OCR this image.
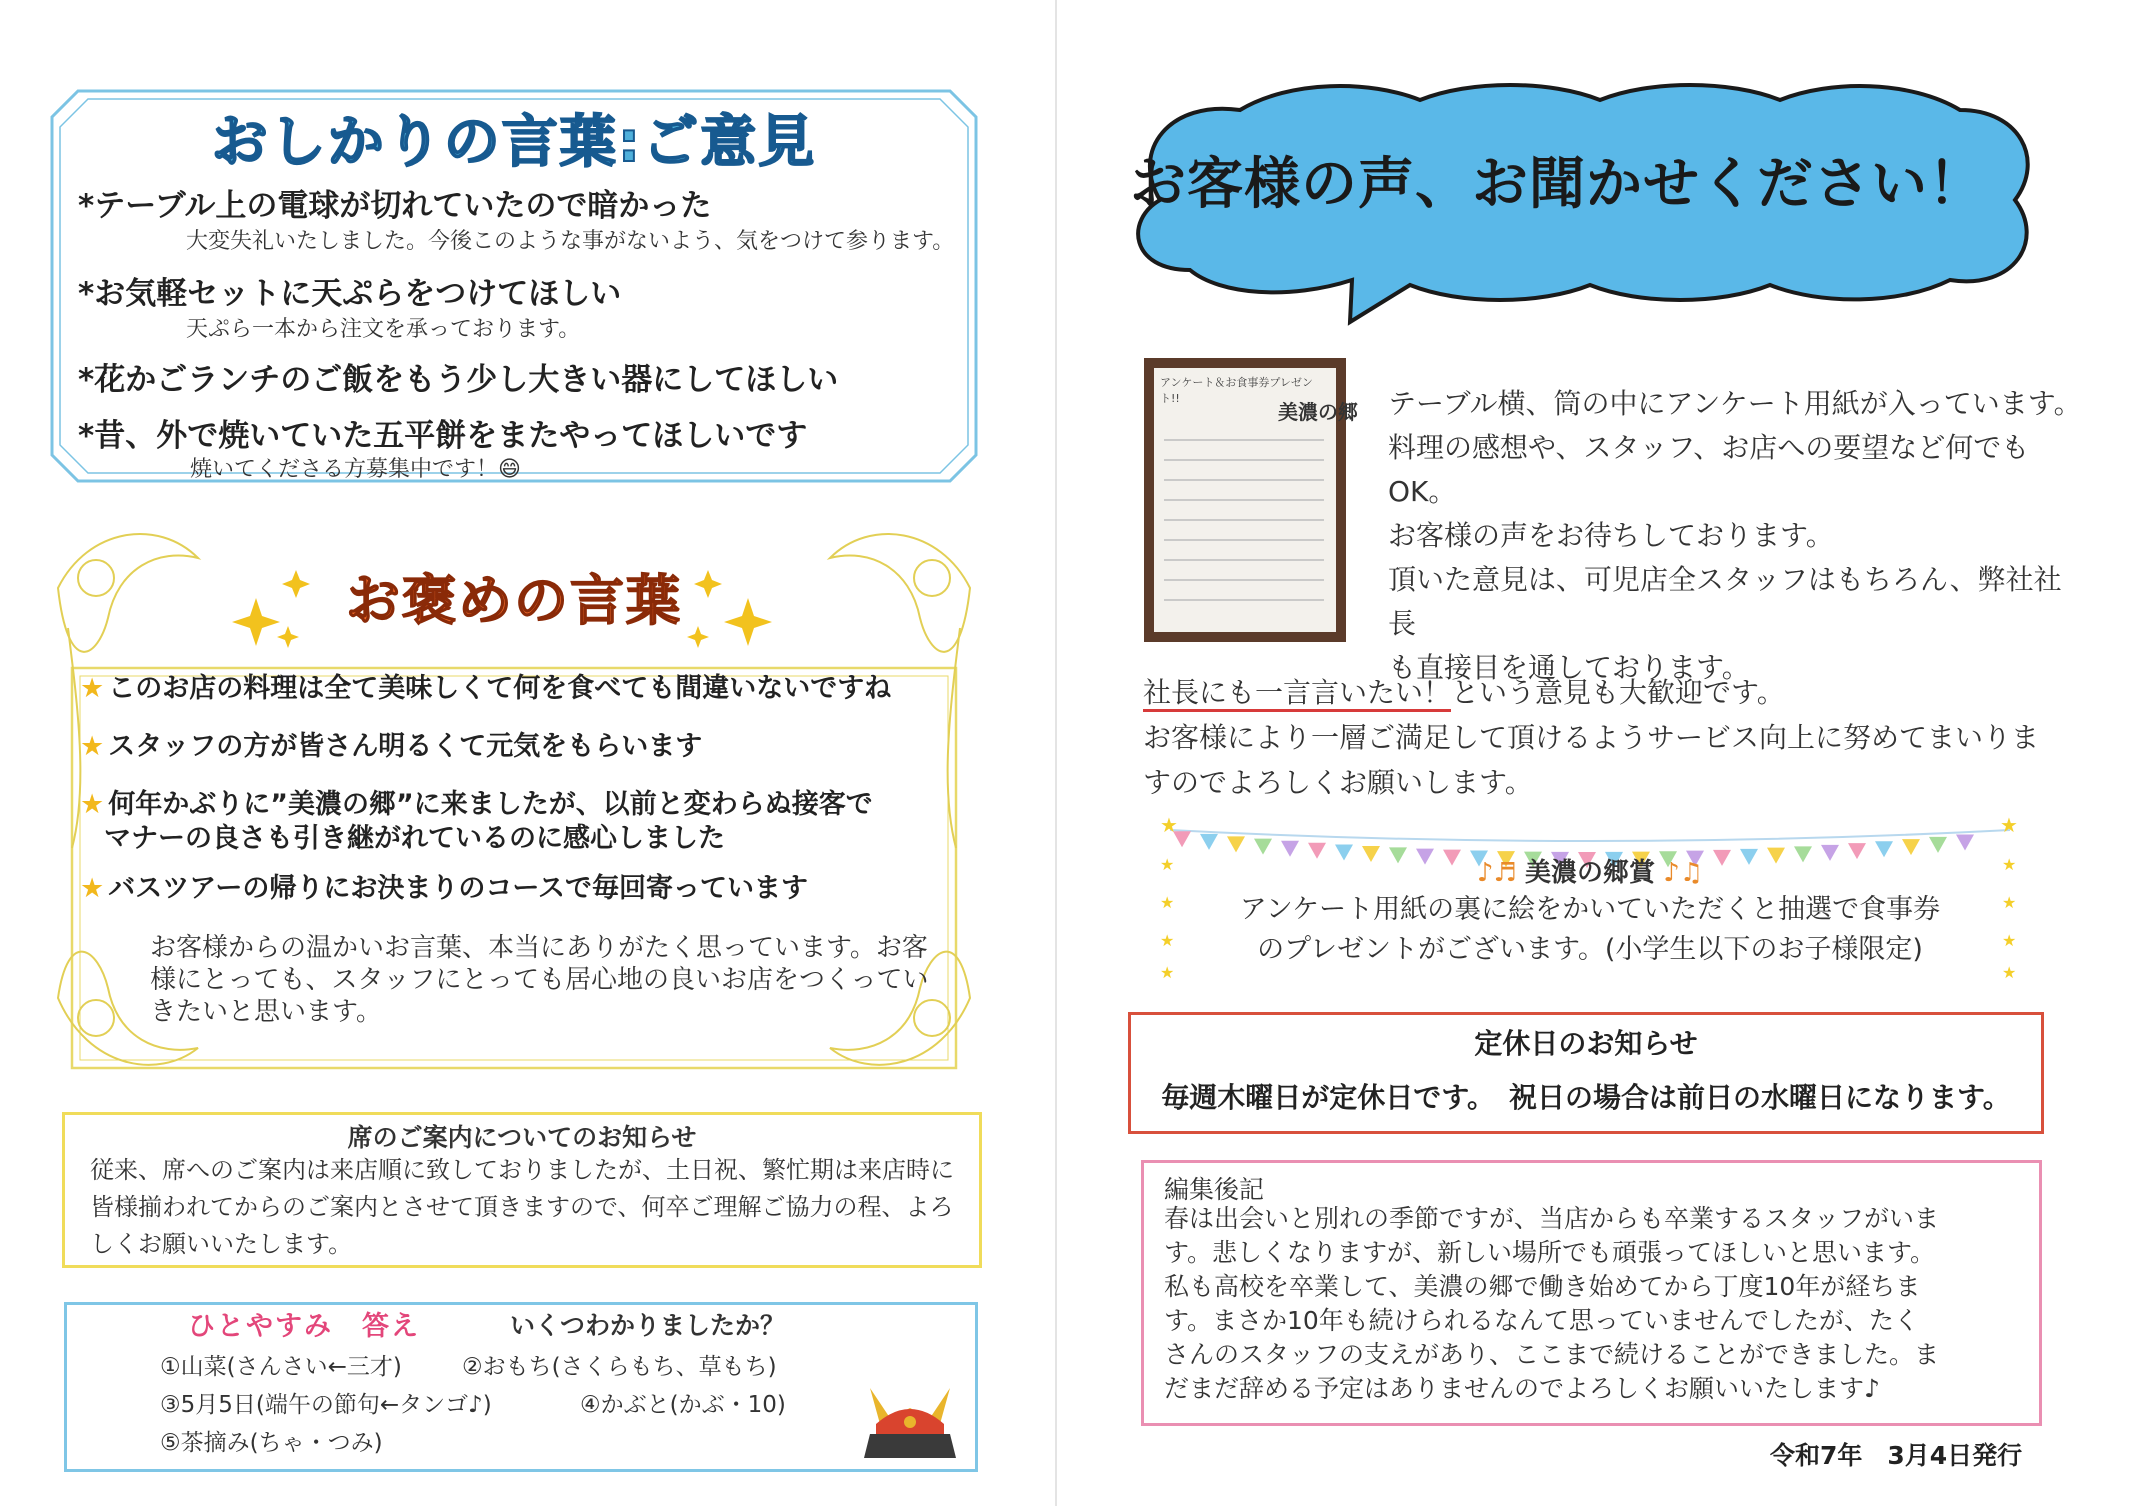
おしかりの言葉:ご意見
*テーブル上の電球が切れていたので暗かった
大変失礼いたしました。今後このような事がないよう、気をつけて参ります。
*お気軽セットに天ぷらをつけてほしい
天ぷら一本から注文を承っております。
*花かごランチのご飯をもう少し大きい器にしてほしい
*昔、外で焼いていた五平餅をまたやってほしいです
焼いてくださる方募集中です！😄
お褒めの言葉
★ このお店の料理は全て美味しくて何を食べても間違いないですね
★ スタッフの方が皆さん明るくて元気をもらいます
★ 何年かぶりに”美濃の郷”に来ましたが、以前と変わらぬ接客で
マナーの良さも引き継がれているのに感心しました
★ バスツアーの帰りにお決まりのコースで毎回寄っています
お客様からの温かいお言葉、本当にありがたく思っています。お客様にとっても、スタッフにとっても居心地の良いお店をつくっていきたいと思います。
席のご案内についてのお知らせ
従来、席へのご案内は来店順に致しておりましたが、土日祝、繁忙期は来店時に皆様揃われてからのご案内とさせて頂きますので、何卒ご理解ご協力の程、よろしくお願いいたします。
ひとやすみ　答え	いくつわかりましたか？
①山菜(さんさい←三才)	②おもち(さくらもち、草もち)
③5月5日(端午の節句←タンゴ♪)	④かぶと(かぶ・10)
⑤茶摘み(ちゃ・つみ)
お客様の声、お聞かせください！
アンケート＆お食事券プレゼント!!
美濃の郷 テーブル横、筒の中にアンケート用紙が入っています。
料理の感想や、スタッフ、お店への要望など何でもOK。
お客様の声をお待ちしております。
頂いた意見は、可児店全スタッフはもちろん、弊社社長
も直接目を通しております。
社長にも一言言いたい！という意見も大歓迎です。
お客様により一層ご満足して頂けるようサービス向上に努めてまいりま
すのでよろしくお願いします。
★
★
★
★
★
★
★
★
★
★
♪♬ 美濃の郷賞 ♪♫
アンケート用紙の裏に絵をかいていただくと抽選で食事券
のプレゼントがございます。(小学生以下のお子様限定)
定休日のお知らせ
毎週木曜日が定休日です。　祝日の場合は前日の水曜日になります。
編集後記
春は出会いと別れの季節ですが、当店からも卒業するスタッフがいま
す。悲しくなりますが、新しい場所でも頑張ってほしいと思います。
私も高校を卒業して、美濃の郷で働き始めてから丁度10年が経ちま
す。まさか10年も続けられるなんて思っていませんでしたが、たく
さんのスタッフの支えがあり、ここまで続けることができました。ま
だまだ辞める予定はありませんのでよろしくお願いいたします♪
令和7年　3月4日発行
